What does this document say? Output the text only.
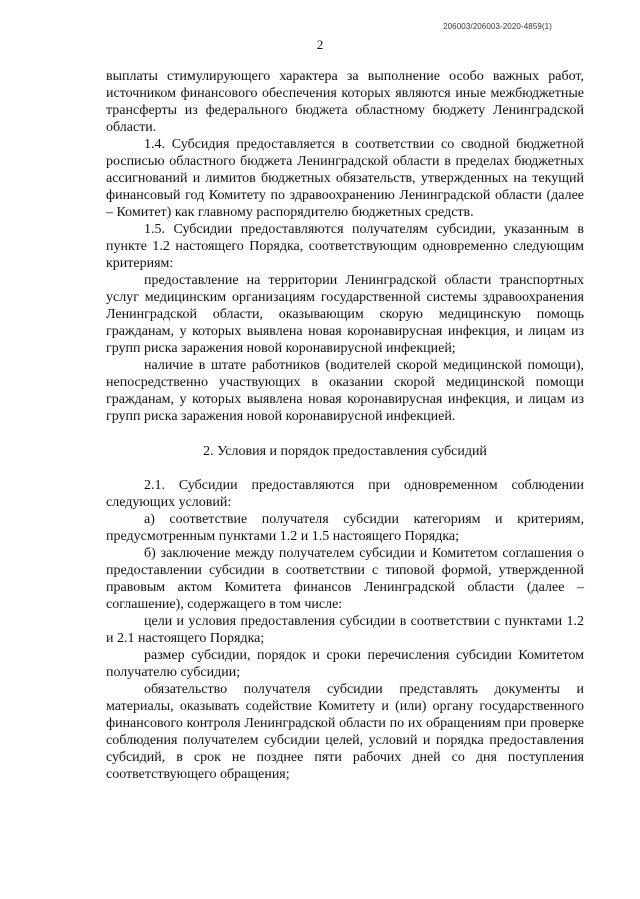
206003/206003-2020-4859(1)
2

выплаты стимулирующего характера за выполнение особо важных работ, источником финансового обеспечения которых являются иные межбюджетные трансферты из федерального бюджета областному бюджету Ленинградской области.

1.4. Субсидия предоставляется в соответствии со сводной бюджетной росписью областного бюджета Ленинградской области в пределах бюджетных ассигнований и лимитов бюджетных обязательств, утвержденных на текущий финансовый год Комитету по здравоохранению Ленинградской области (далее – Комитет) как главному распорядителю бюджетных средств.

1.5. Субсидии предоставляются получателям субсидии, указанным в пункте 1.2 настоящего Порядка, соответствующим одновременно следующим критериям:

предоставление на территории Ленинградской области транспортных услуг медицинским организациям государственной системы здравоохранения Ленинградской области, оказывающим скорую медицинскую помощь гражданам, у которых выявлена новая коронавирусная инфекция, и лицам из групп риска заражения новой коронавирусной инфекцией;

наличие в штате работников (водителей скорой медицинской помощи), непосредственно участвующих в оказании скорой медицинской помощи гражданам, у которых выявлена новая коронавирусная инфекция, и лицам из групп риска заражения новой коронавирусной инфекцией.

2. Условия и порядок предоставления субсидий

2.1. Субсидии предоставляются при одновременном соблюдении следующих условий:

а) соответствие получателя субсидии категориям и критериям, предусмотренным пунктами 1.2 и 1.5 настоящего Порядка;

б) заключение между получателем субсидии и Комитетом соглашения о предоставлении субсидии в соответствии с типовой формой, утвержденной правовым актом Комитета финансов Ленинградской области (далее – соглашение), содержащего в том числе:

цели и условия предоставления субсидии в соответствии с пунктами 1.2 и 2.1 настоящего Порядка;

размер субсидии, порядок и сроки перечисления субсидии Комитетом получателю субсидии;

обязательство получателя субсидии представлять документы и материалы, оказывать содействие Комитету и (или) органу государственного финансового контроля Ленинградской области по их обращениям при проверке соблюдения получателем субсидии целей, условий и порядка предоставления субсидий, в срок не позднее пяти рабочих дней со дня поступления соответствующего обращения;
